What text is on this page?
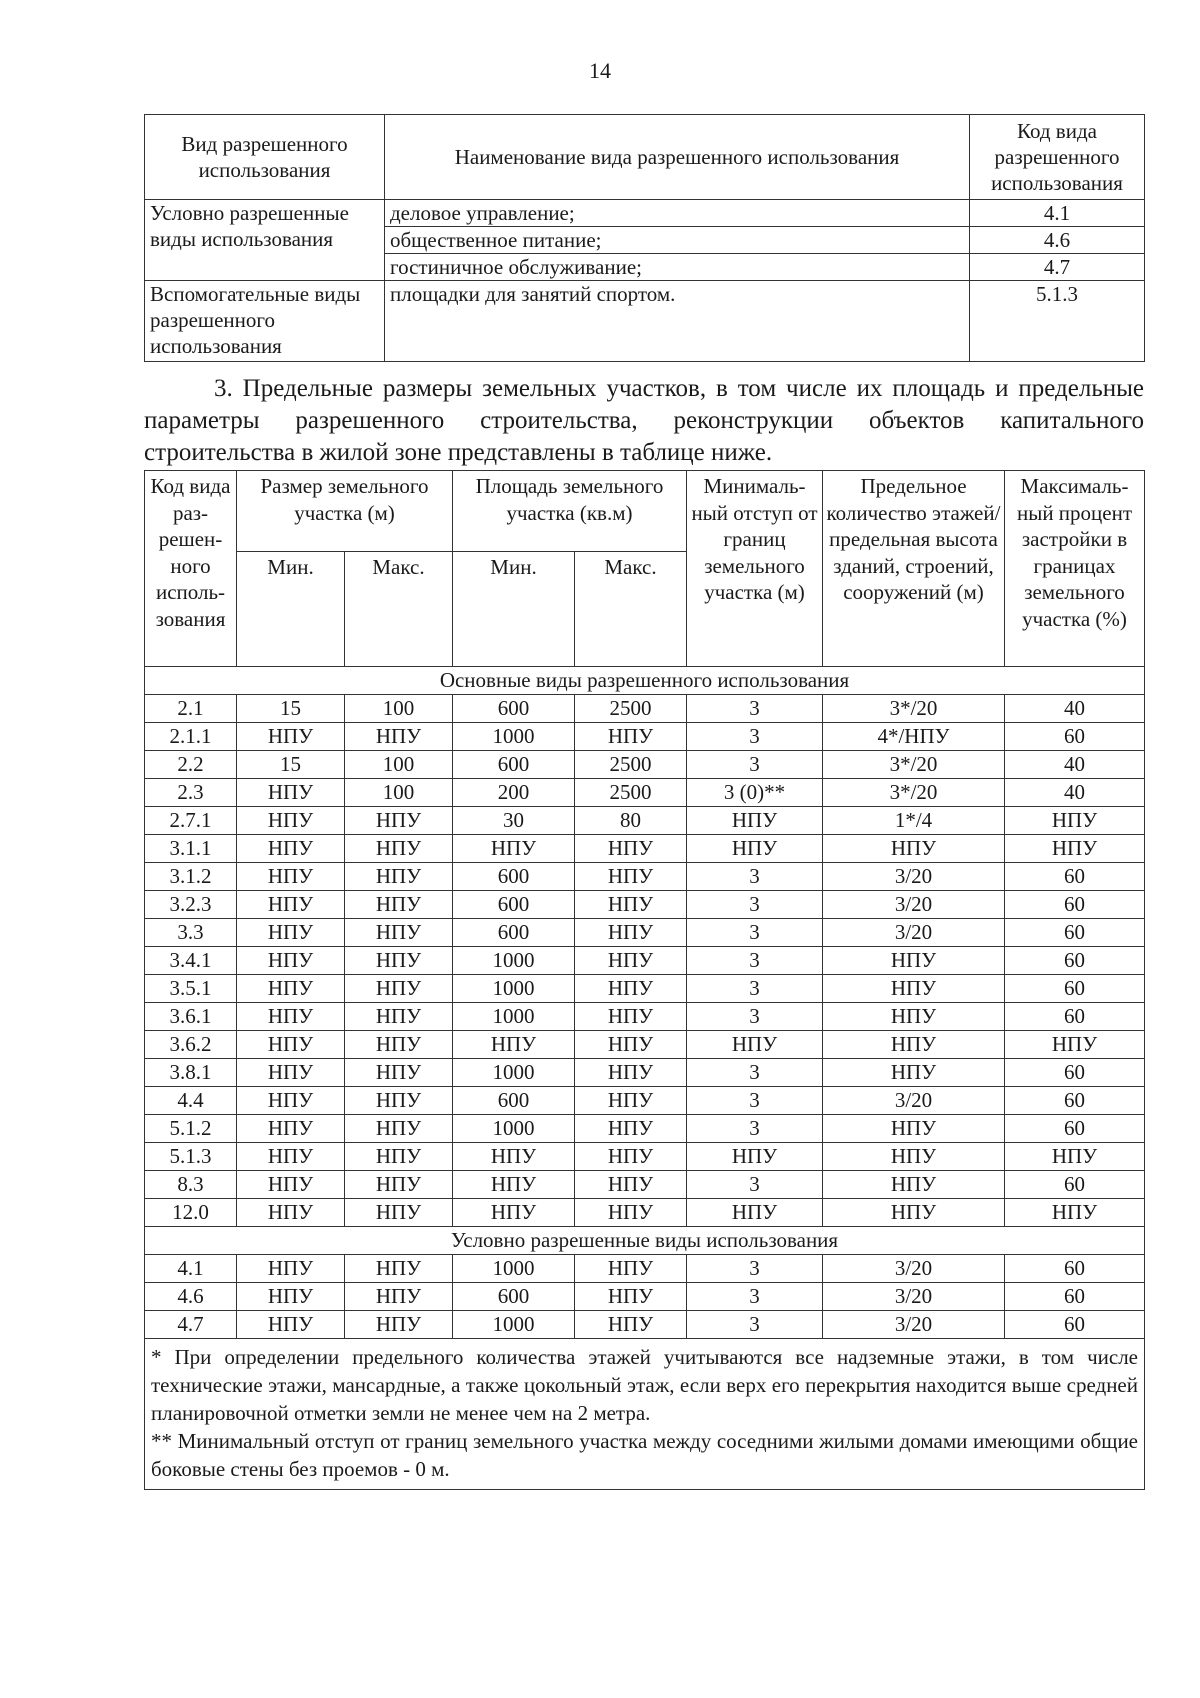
14
Вид разрешенного использования	Наименование вида разрешенного использования	Код вида разрешенного использования
Условно разрешенные виды использования	деловое управление;	4.1
	общественное питание;	4.6
	гостиничное обслуживание;	4.7
Вспомогательные виды разрешенного использования	площадки для занятий спортом.	5.1.3

3. Предельные размеры земельных участков, в том числе их площадь и предельные параметры разрешенного строительства, реконструкции объектов капитального строительства в жилой зоне представлены в таблице ниже.

Код вида раз-решен-ного исполь-зования	Размер земельного участка (м)		Площадь земельного участка (кв.м)		Минималь-ный отступ от границ земельного участка (м)	Предельное количество этажей/ предельная высота зданий, строений, сооружений (м)	Максималь-ный процент застройки в границах земельного участка (%)
	Мин.	Макс.	Мин.	Макс.			
Основные виды разрешенного использования							
2.1	15	100	600	2500	3	3*/20	40
2.1.1	НПУ	НПУ	1000	НПУ	3	4*/НПУ	60
2.2	15	100	600	2500	3	3*/20	40
2.3	НПУ	100	200	2500	3 (0)**	3*/20	40
2.7.1	НПУ	НПУ	30	80	НПУ	1*/4	НПУ
3.1.1	НПУ	НПУ	НПУ	НПУ	НПУ	НПУ	НПУ
3.1.2	НПУ	НПУ	600	НПУ	3	3/20	60
3.2.3	НПУ	НПУ	600	НПУ	3	3/20	60
3.3	НПУ	НПУ	600	НПУ	3	3/20	60
3.4.1	НПУ	НПУ	1000	НПУ	3	НПУ	60
3.5.1	НПУ	НПУ	1000	НПУ	3	НПУ	60
3.6.1	НПУ	НПУ	1000	НПУ	3	НПУ	60
3.6.2	НПУ	НПУ	НПУ	НПУ	НПУ	НПУ	НПУ
3.8.1	НПУ	НПУ	1000	НПУ	3	НПУ	60
4.4	НПУ	НПУ	600	НПУ	3	3/20	60
5.1.2	НПУ	НПУ	1000	НПУ	3	НПУ	60
5.1.3	НПУ	НПУ	НПУ	НПУ	НПУ	НПУ	НПУ
8.3	НПУ	НПУ	НПУ	НПУ	3	НПУ	60
12.0	НПУ	НПУ	НПУ	НПУ	НПУ	НПУ	НПУ
Условно разрешенные виды использования							
4.1	НПУ	НПУ	1000	НПУ	3	3/20	60
4.6	НПУ	НПУ	600	НПУ	3	3/20	60
4.7	НПУ	НПУ	1000	НПУ	3	3/20	60

* При определении предельного количества этажей учитываются все надземные этажи, в том числе технические этажи, мансардные, а также цокольный этаж, если верх его перекрытия находится выше средней планировочной отметки земли не менее чем на 2 метра.

** Минимальный отступ от границ земельного участка между соседними жилыми домами имеющими общие боковые стены без проемов - 0 м.							
